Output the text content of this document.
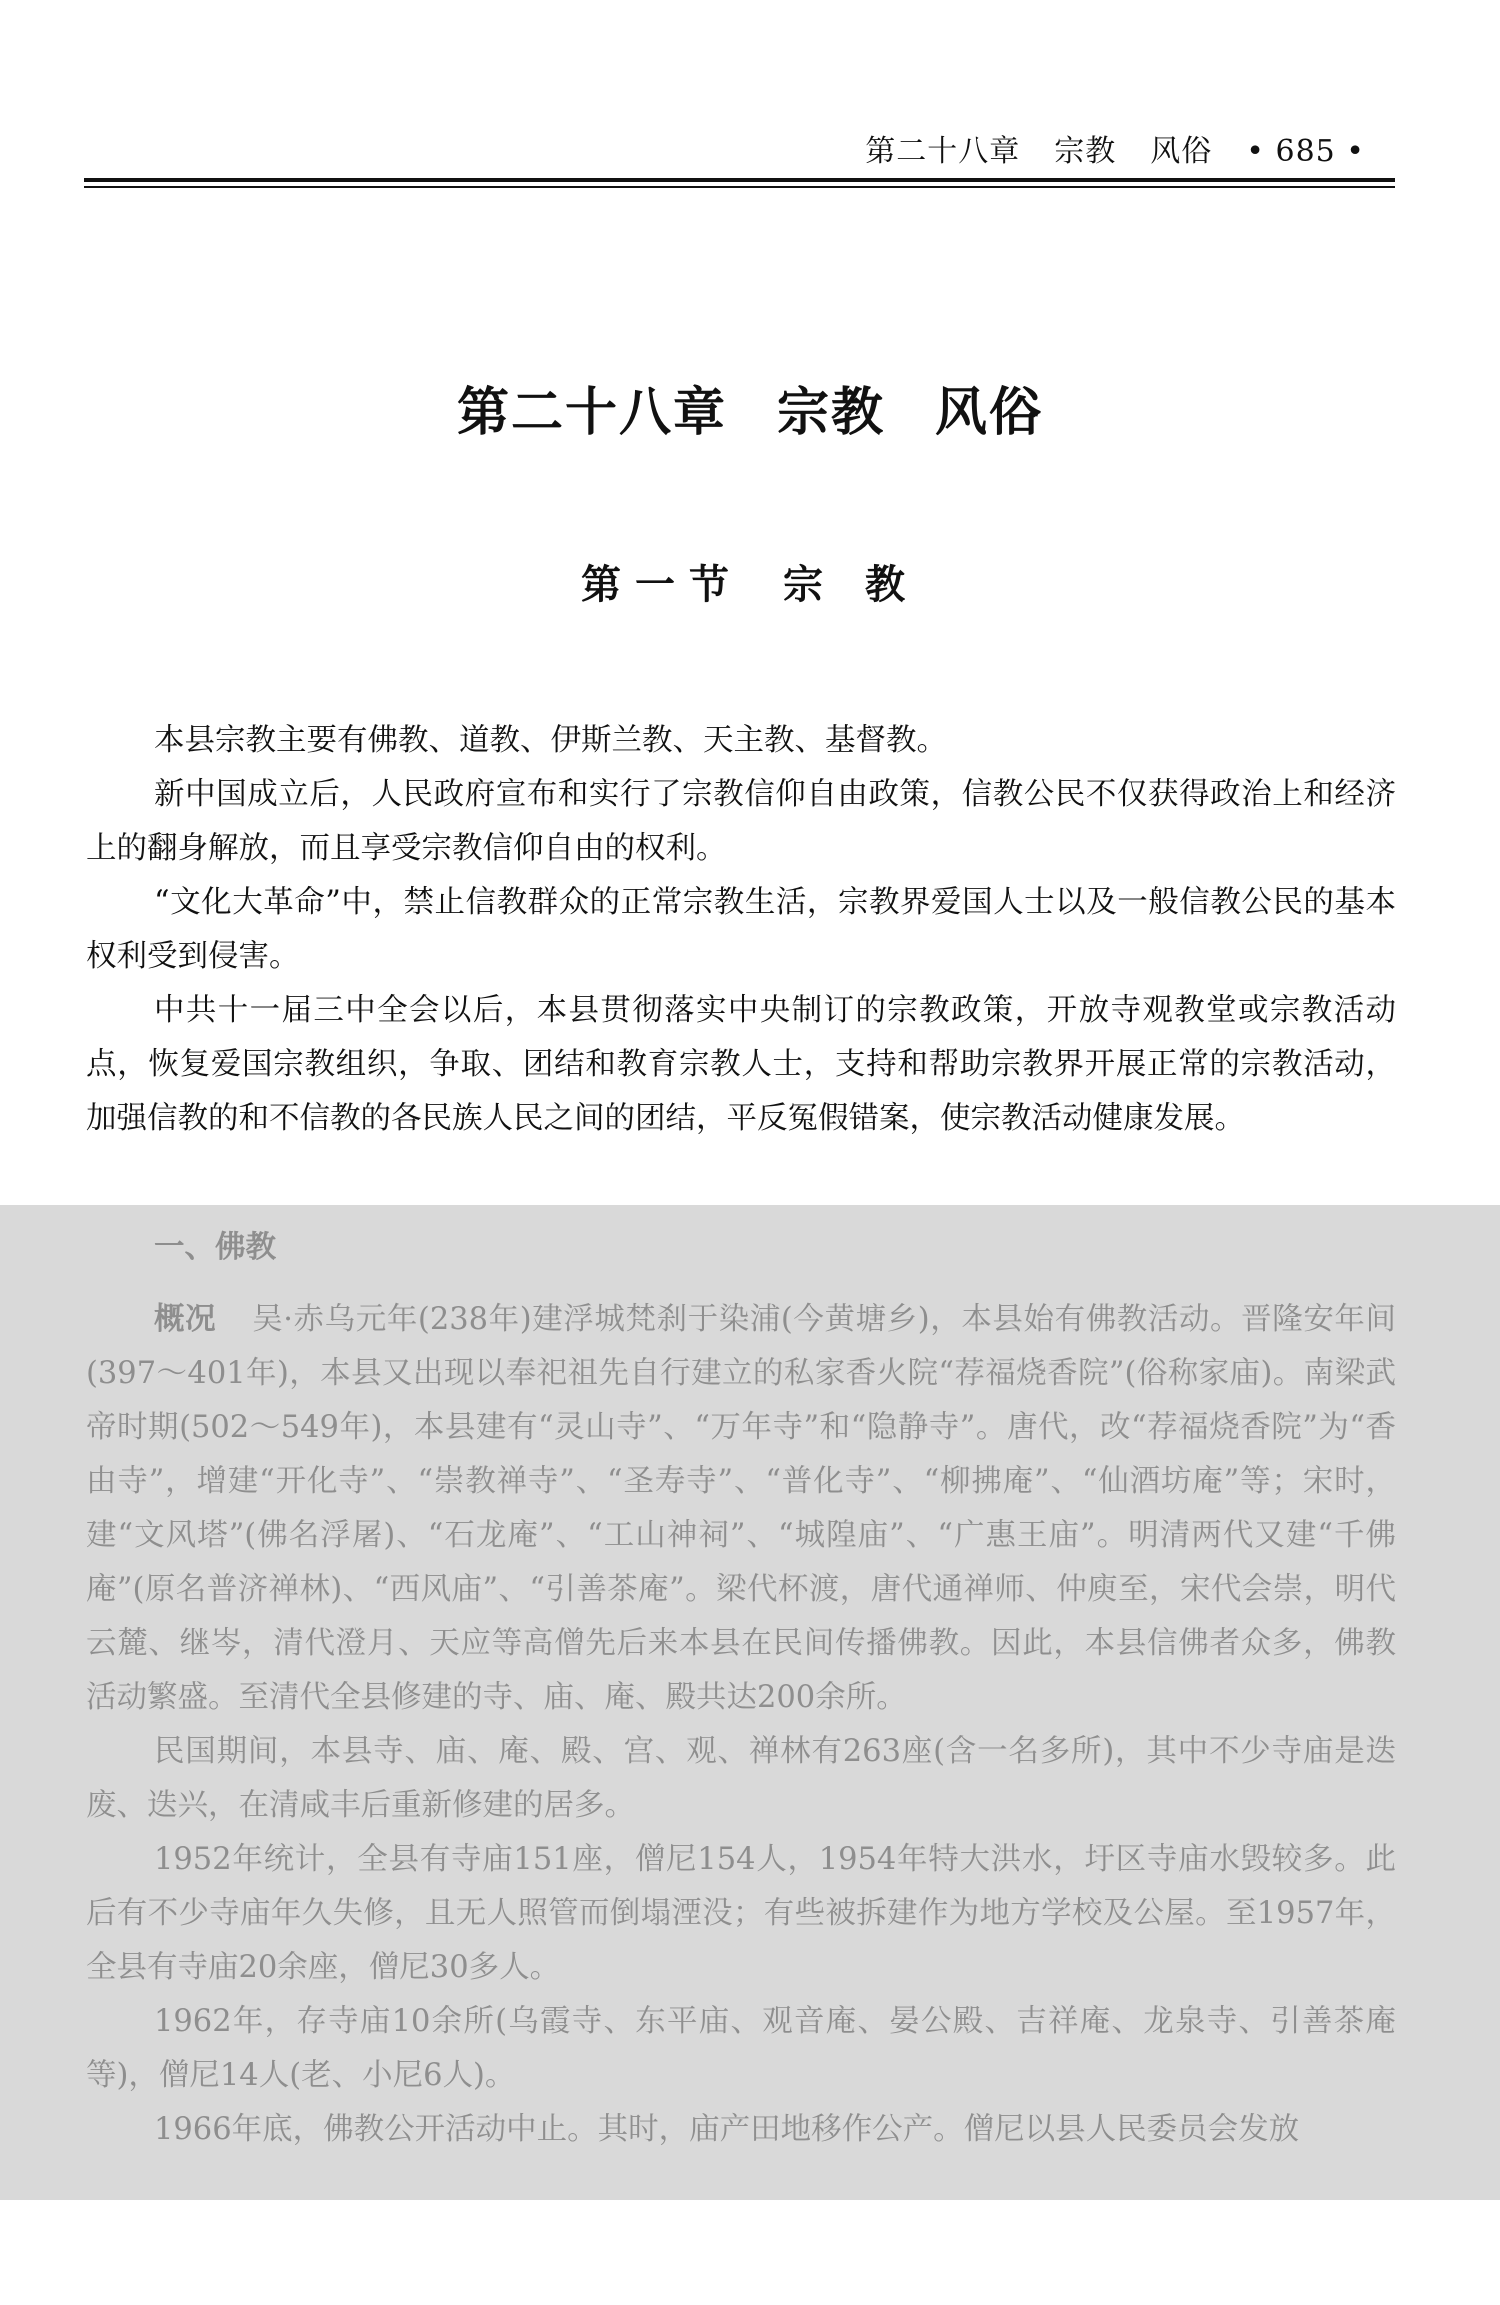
第二十八章 宗教 风俗 • 685 •
第二十八章 宗教 风俗
第一节 宗 教

本县宗教主要有佛教、道教、伊斯兰教、天主教、基督教。

新中国成立后，人民政府宣布和实行了宗教信仰自由政策，信教公民不仅获得政治上和经济上的翻身解放，而且享受宗教信仰自由的权利。

“文化大革命”中，禁止信教群众的正常宗教生活，宗教界爱国人士以及一般信教公民的基本权利受到侵害。

中共十一届三中全会以后，本县贯彻落实中央制订的宗教政策，开放寺观教堂或宗教活动点，恢复爱国宗教组织，争取、团结和教育宗教人士，支持和帮助宗教界开展正常的宗教活动，加强信教的和不信教的各民族人民之间的团结，平反冤假错案，使宗教活动健康发展。

一、佛教

概况 吴·赤乌元年(238年)建浮城梵刹于染浦(今黄塘乡)，本县始有佛教活动。晋隆安年间(397～401年)，本县又出现以奉祀祖先自行建立的私家香火院“荐福烧香院”(俗称家庙)。南梁武帝时期(502～549年)，本县建有“灵山寺”、“万年寺”和“隐静寺”。唐代，改“荐福烧香院”为“香由寺”，增建“开化寺”、“崇教禅寺”、“圣寿寺”、“普化寺”、“柳拂庵”、“仙酒坊庵”等；宋时，建“文风塔”(佛名浮屠)、“石龙庵”、“工山神祠”、“城隍庙”、“广惠王庙”。明清两代又建“千佛庵”(原名普济禅林)、“西风庙”、“引善茶庵”。梁代杯渡，唐代通禅师、仲庾至，宋代会崇，明代云麓、继岑，清代澄月、天应等高僧先后来本县在民间传播佛教。因此，本县信佛者众多，佛教活动繁盛。至清代全县修建的寺、庙、庵、殿共达200余所。

民国期间，本县寺、庙、庵、殿、宫、观、禅林有263座(含一名多所)，其中不少寺庙是迭废、迭兴，在清咸丰后重新修建的居多。

1952年统计，全县有寺庙151座，僧尼154人，1954年特大洪水，圩区寺庙水毁较多。此后有不少寺庙年久失修，且无人照管而倒塌湮没；有些被拆建作为地方学校及公屋。至1957年，全县有寺庙20余座，僧尼30多人。

1962年，存寺庙10余所(乌霞寺、东平庙、观音庵、晏公殿、吉祥庵、龙泉寺、引善茶庵等)，僧尼14人(老、小尼6人)。

1966年底，佛教公开活动中止。其时，庙产田地移作公产。僧尼以县人民委员会发放
